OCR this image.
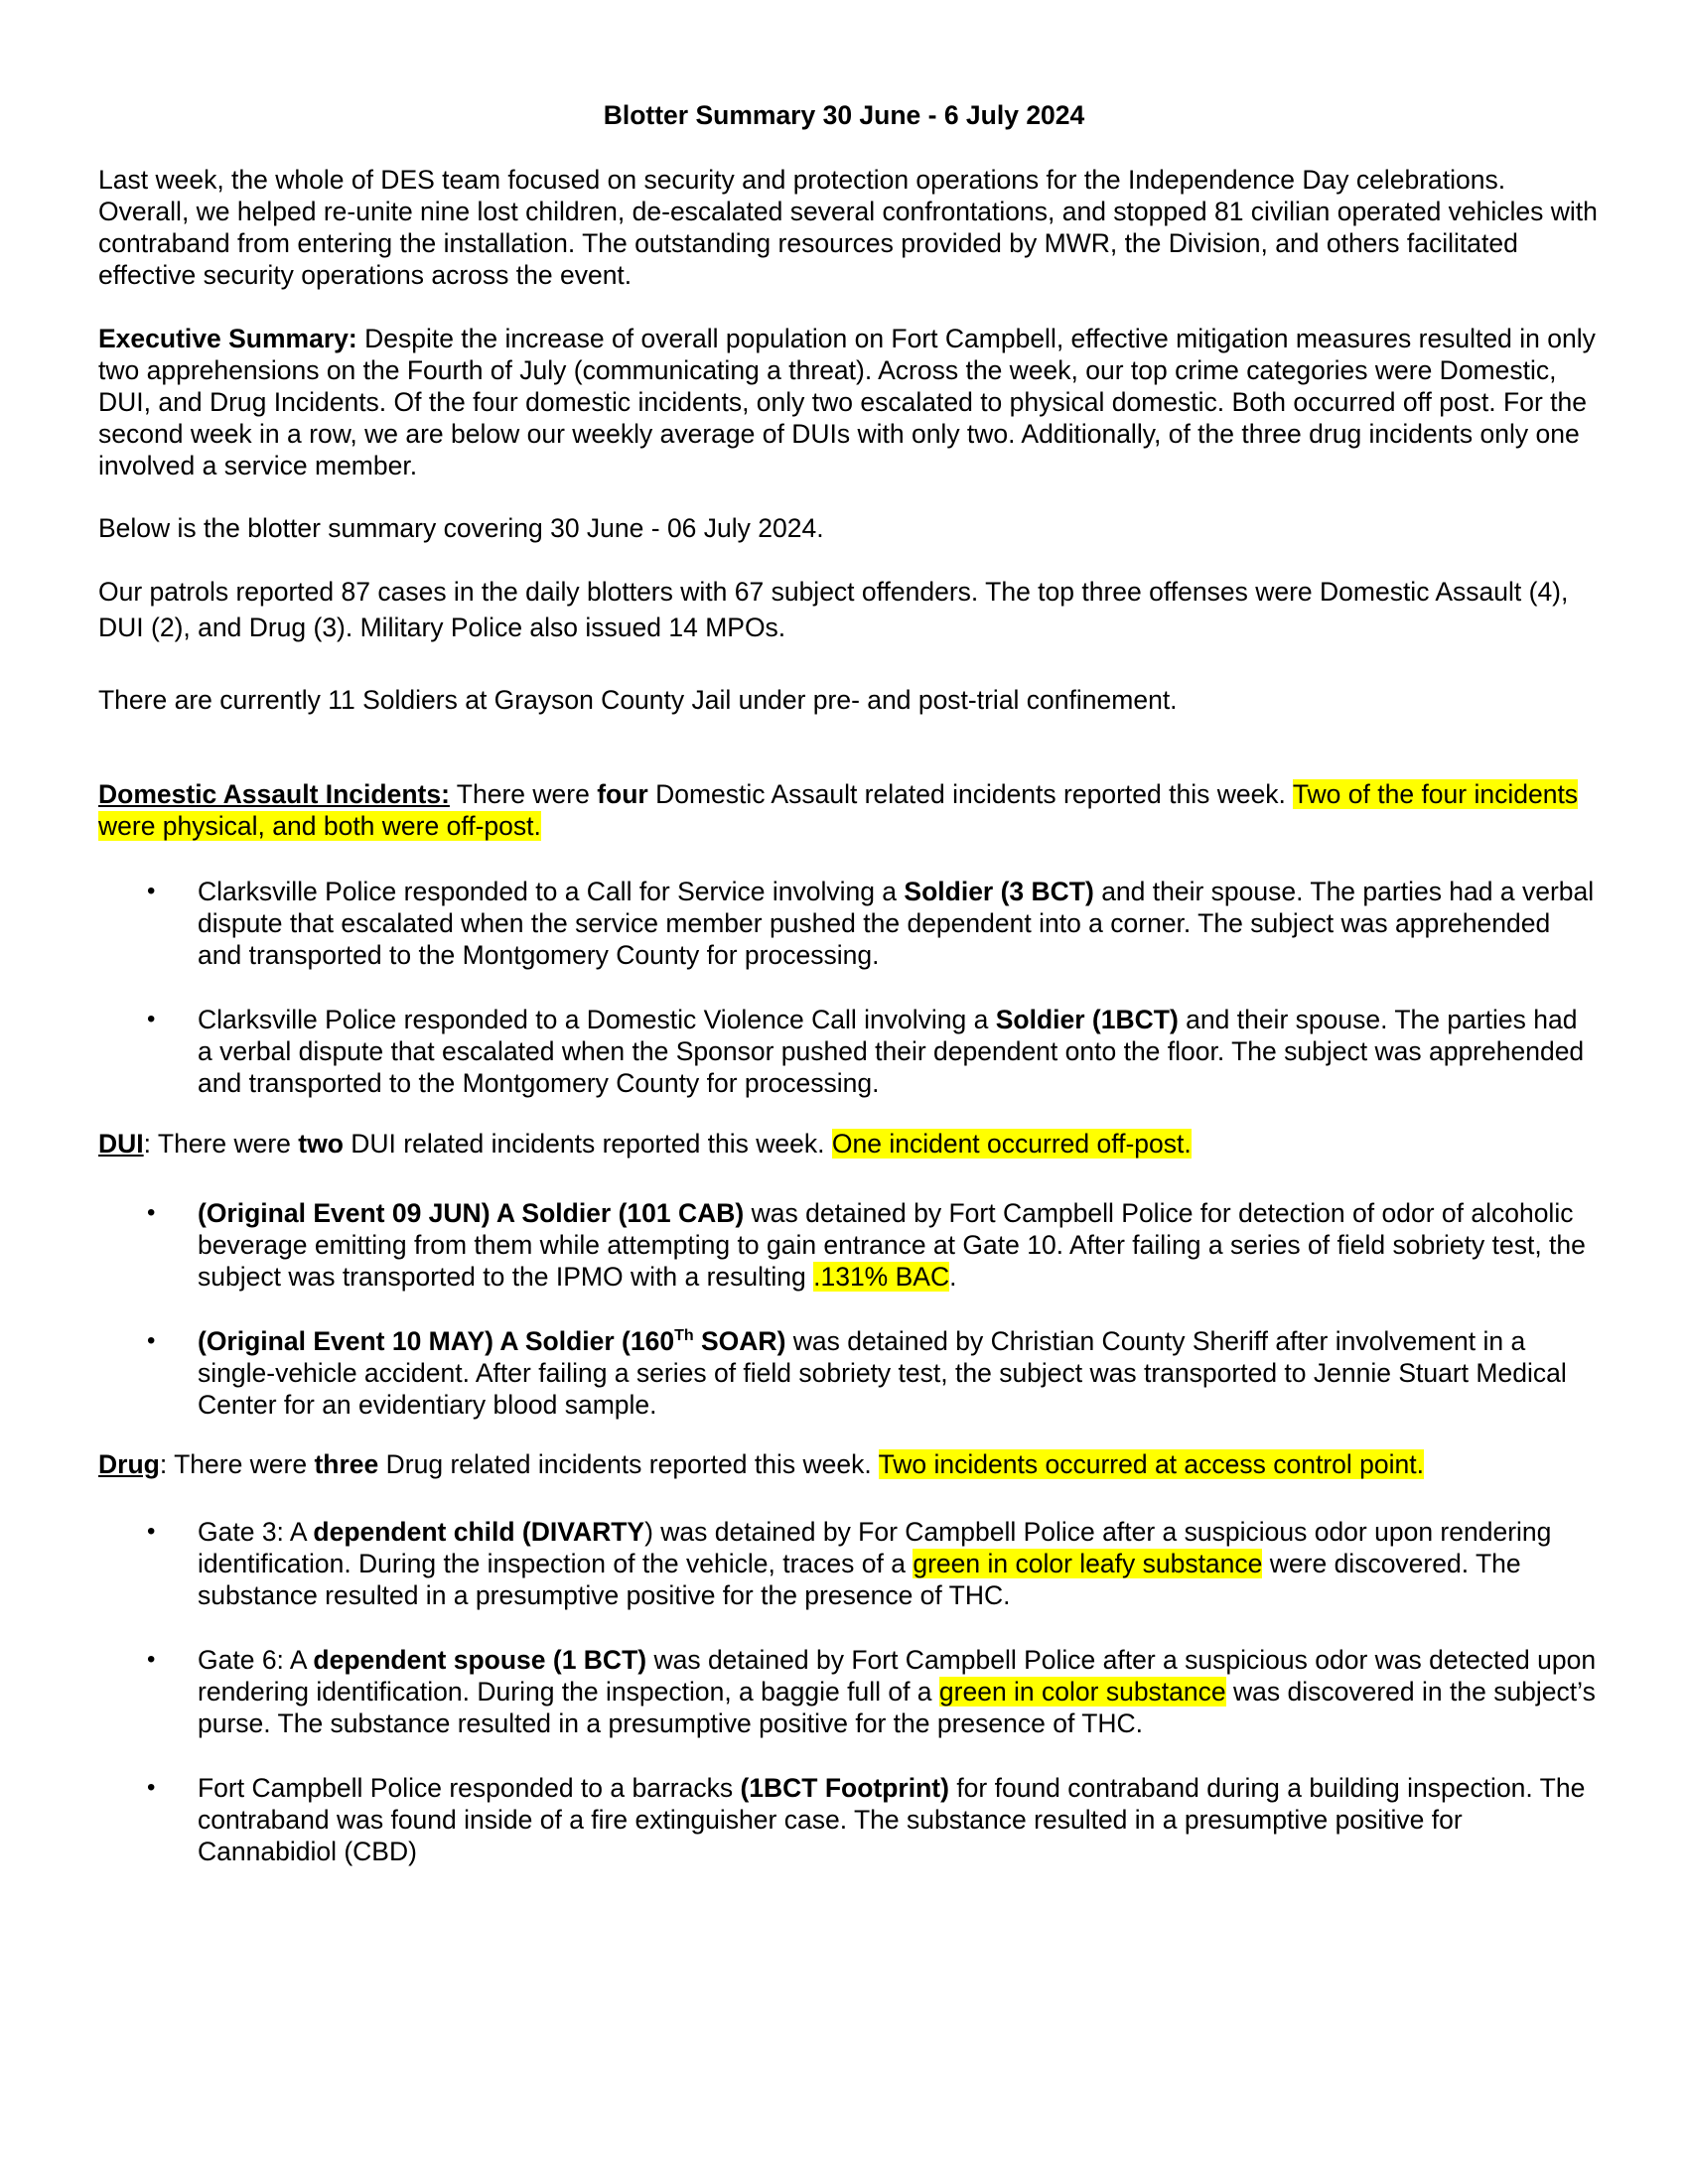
Blotter Summary 30 June - 6 July 2024

Last week, the whole of DES team focused on security and protection operations for the Independence Day celebrations. Overall, we helped re-unite nine lost children, de-escalated several confrontations, and stopped 81 civilian operated vehicles with contraband from entering the installation. The outstanding resources provided by MWR, the Division, and others facilitated effective security operations across the event.

Executive Summary: Despite the increase of overall population on Fort Campbell, effective mitigation measures resulted in only two apprehensions on the Fourth of July (communicating a threat). Across the week, our top crime categories were Domestic, DUI, and Drug Incidents. Of the four domestic incidents, only two escalated to physical domestic. Both occurred off post. For the second week in a row, we are below our weekly average of DUIs with only two. Additionally, of the three drug incidents only one involved a service member.

Below is the blotter summary covering 30 June - 06 July 2024.

Our patrols reported 87 cases in the daily blotters with 67 subject offenders. The top three offenses were Domestic Assault (4), DUI (2), and Drug (3). Military Police also issued 14 MPOs.

There are currently 11 Soldiers at Grayson County Jail under pre- and post-trial confinement.

Domestic Assault Incidents: There were four Domestic Assault related incidents reported this week. Two of the four incidents were physical, and both were off-post.

•	Clarksville Police responded to a Call for Service involving a Soldier (3 BCT) and their spouse. The parties had a verbal dispute that escalated when the service member pushed the dependent into a corner. The subject was apprehended and transported to the Montgomery County for processing.
•	Clarksville Police responded to a Domestic Violence Call involving a Soldier (1BCT) and their spouse. The parties had a verbal dispute that escalated when the Sponsor pushed their dependent onto the floor. The subject was apprehended and transported to the Montgomery County for processing.

DUI: There were two DUI related incidents reported this week. One incident occurred off-post.

•	(Original Event 09 JUN) A Soldier (101 CAB) was detained by Fort Campbell Police for detection of odor of alcoholic beverage emitting from them while attempting to gain entrance at Gate 10. After failing a series of field sobriety test, the subject was transported to the IPMO with a resulting .131% BAC.
•	(Original Event 10 MAY) A Soldier (160Th SOAR) was detained by Christian County Sheriff after involvement in a single-vehicle accident. After failing a series of field sobriety test, the subject was transported to Jennie Stuart Medical Center for an evidentiary blood sample.

Drug: There were three Drug related incidents reported this week. Two incidents occurred at access control point.

•	Gate 3: A dependent child (DIVARTY) was detained by For Campbell Police after a suspicious odor upon rendering identification. During the inspection of the vehicle, traces of a green in color leafy substance were discovered. The substance resulted in a presumptive positive for the presence of THC.
•	Gate 6: A dependent spouse (1 BCT) was detained by Fort Campbell Police after a suspicious odor was detected upon rendering identification. During the inspection, a baggie full of a green in color substance was discovered in the subject’s purse. The substance resulted in a presumptive positive for the presence of THC.
•	Fort Campbell Police responded to a barracks (1BCT Footprint) for found contraband during a building inspection. The contraband was found inside of a fire extinguisher case. The substance resulted in a presumptive positive for Cannabidiol (CBD)
